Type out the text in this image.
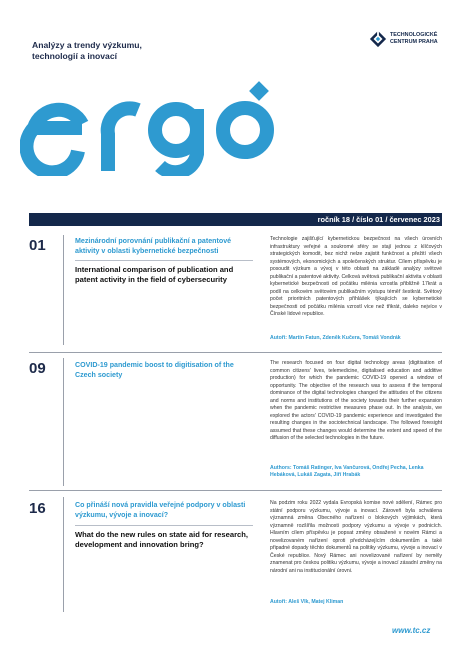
Analýzy a trendy výzkumu,
technologií a inovací
TECHNOLOGICKÉ
CENTRUM PRAHA
ergo
ročník 18 / číslo 01 / červenec 2023
01	Mezinárodní porovnání publikační a patentové aktivity v oblasti kybernetické bezpečnosti
International comparison of publication and patent activity in the field of cybersecurity
Technologie zajišťující kybernetickou bezpečnost na všech úrovních infrastruktury veřejné a soukromé sféry se stají jednou z klíčových strategických komodit, bez nichž nelze zajistit funkčnost a přežití všech systémových, ekonomických a společenských struktur. Cílem příspěvku je posoudit výzkum a vývoj v této oblasti na základě analýzy světové publikační a patentové aktivity. Celková světová publikační aktivita v oblasti kybernetické bezpečnosti od počátku milénia vzrostla přibližně 17krát a podíl na celkovém světovém publikačním výstupu téměř šestkrát. Světový počet prioritních patentových přihlášek týkajících se kybernetické bezpečnosti od počátku milénia vzrostl více než třikrát, daleko nejvíce v Čínské lidové republice.
Autoři: Martin Fatun, Zdeněk Kučera, Tomáš Vondrák
09	COVID-19 pandemic boost to digitisation of the Czech society
The research focused on four digital technology areas (digitisation of common citizens' lives, telemedicine, digitalised education and additive production) for which the pandemic COVID-19 opened a window of opportunity. The objective of the research was to assess if the temporal dominance of the digital technologies changed the attitudes of the citizens and norms and institutions of the society towards their further expansion when the pandemic restrictive measures phase out. In the analysis, we explored the actors' COVID-19 pandemic experience and investigated the resulting changes in the sociotechnical landscape. The followed foresight assumed that these changes would determine the extent and speed of the diffusion of the selected technologies in the future.
Authors: Tomáš Ratinger, Iva Vančurová, Ondřej Pecha, Lenka Hebáková, Lukáš Zagata, Jiří Hrabák
16	Co přináší nová pravidla veřejné podpory v oblasti výzkumu, vývoje a inovací?
What do the new rules on state aid for research, development and innovation bring?
Na podzim roku 2022 vydala Evropská komise nové sdělení, Rámec pro státní podporu výzkumu, vývoje a inovací. Zároveň byla schválena významná změna Obecného nařízení o blokových výjimkách, která významně rozšířila možnosti podpory výzkumu a vývoje v podnicích. Hlavním cílem příspěvku je popsat změny obsažené v novém Rámci a novelizovaném nařízení oproti předcházejícím dokumentům a také připadné dopady těchto dokumentů na politiky výzkumu, vývoje a inovací v České republice. Nový Rámec ani novelizované nařízení by neměly znamenat pro českou politiku výzkumu, vývoje a inovací zásadní změny na národní ani na institucionální úrovni.
Autoři: Aleš Vlk, Matej Kliman
www.tc.cz
